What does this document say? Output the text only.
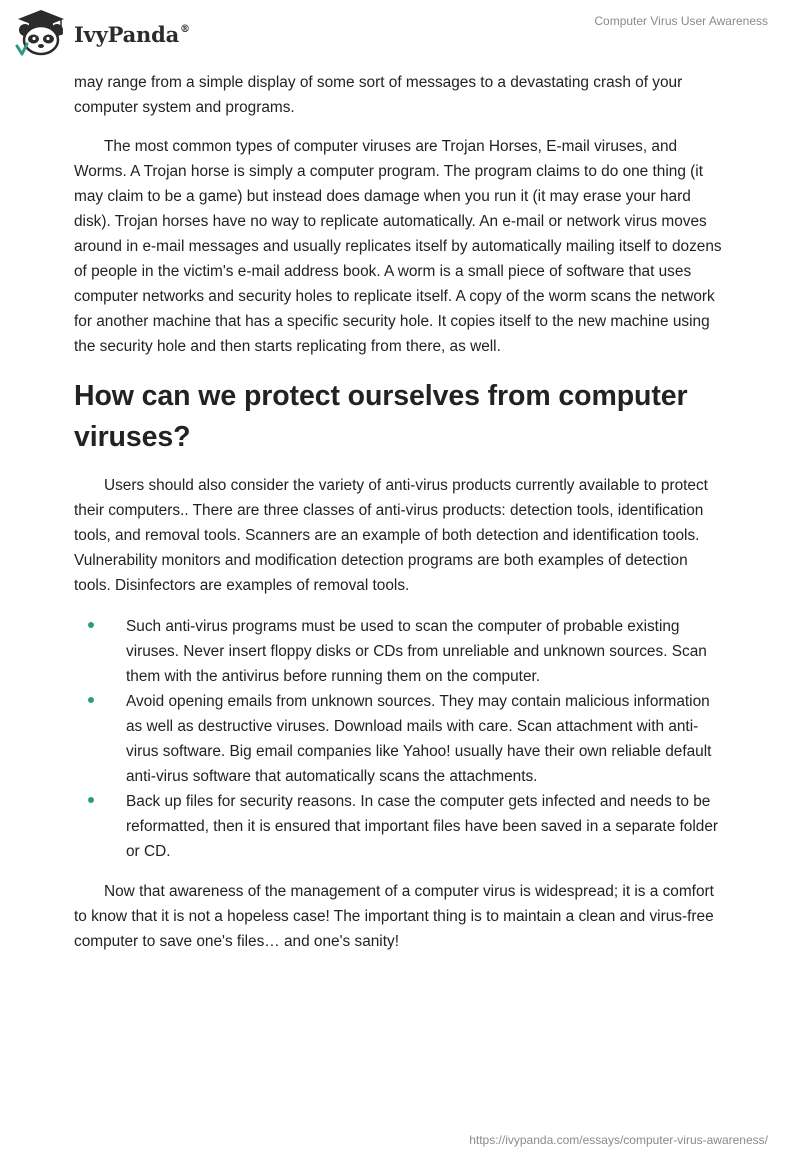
IvyPanda®
Computer Virus User Awareness

may range from a simple display of some sort of messages to a devastating crash of your computer system and programs.

The most common types of computer viruses are Trojan Horses, E-mail viruses, and Worms. A Trojan horse is simply a computer program. The program claims to do one thing (it may claim to be a game) but instead does damage when you run it (it may erase your hard disk). Trojan horses have no way to replicate automatically. An e-mail or network virus moves around in e-mail messages and usually replicates itself by automatically mailing itself to dozens of people in the victim's e-mail address book. A worm is a small piece of software that uses computer networks and security holes to replicate itself. A copy of the worm scans the network for another machine that has a specific security hole. It copies itself to the new machine using the security hole and then starts replicating from there, as well.

How can we protect ourselves from computer viruses?

Users should also consider the variety of anti-virus products currently available to protect their computers.. There are three classes of anti-virus products: detection tools, identification tools, and removal tools. Scanners are an example of both detection and identification tools. Vulnerability monitors and modification detection programs are both examples of detection tools. Disinfectors are examples of removal tools.

Such anti-virus programs must be used to scan the computer of probable existing viruses. Never insert floppy disks or CDs from unreliable and unknown sources. Scan them with the antivirus before running them on the computer.
Avoid opening emails from unknown sources. They may contain malicious information as well as destructive viruses. Download mails with care. Scan attachment with anti-virus software. Big email companies like Yahoo! usually have their own reliable default anti-virus software that automatically scans the attachments.
Back up files for security reasons. In case the computer gets infected and needs to be reformatted, then it is ensured that important files have been saved in a separate folder or CD.

Now that awareness of the management of a computer virus is widespread; it is a comfort to know that it is not a hopeless case! The important thing is to maintain a clean and virus-free computer to save one's files… and one's sanity!

https://ivypanda.com/essays/computer-virus-awareness/
